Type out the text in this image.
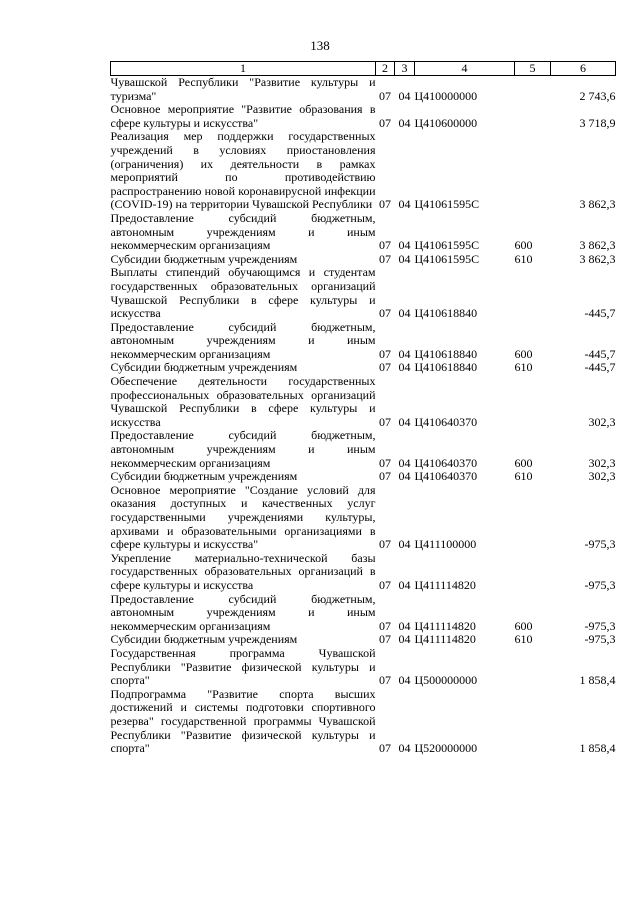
138
1	2	3	4	5	6
Чувашской Республики "Развитие культуры и туризма"	07	04	Ц410000000		2 743,6
Основное мероприятие "Развитие образования в сфере культуры и искусства"	07	04	Ц410600000		3 718,9
Реализация мер поддержки государственных учреждений в условиях приостановления (ограничения) их деятельности в рамках мероприятий по противодействию распространению новой коронавирусной инфекции (COVID-19) на территории Чувашской Республики	07	04	Ц41061595С		3 862,3
Предоставление субсидий бюджетным, автономным учреждениям и иным некоммерческим организациям	07	04	Ц41061595С	600	3 862,3
Субсидии бюджетным учреждениям	07	04	Ц41061595С	610	3 862,3
Выплаты стипендий обучающимся и студентам государственных образовательных организаций Чувашской Республики в сфере культуры и искусства	07	04	Ц410618840		-445,7
Предоставление субсидий бюджетным, автономным учреждениям и иным некоммерческим организациям	07	04	Ц410618840	600	-445,7
Субсидии бюджетным учреждениям	07	04	Ц410618840	610	-445,7
Обеспечение деятельности государственных профессиональных образовательных организаций Чувашской Республики в сфере культуры и искусства	07	04	Ц410640370		302,3
Предоставление субсидий бюджетным, автономным учреждениям и иным некоммерческим организациям	07	04	Ц410640370	600	302,3
Субсидии бюджетным учреждениям	07	04	Ц410640370	610	302,3
Основное мероприятие "Создание условий для оказания доступных и качественных услуг государственными учреждениями культуры, архивами и образовательными организациями в сфере культуры и искусства"	07	04	Ц411100000		-975,3
Укрепление материально-технической базы государственных образовательных организаций в сфере культуры и искусства	07	04	Ц411114820		-975,3
Предоставление субсидий бюджетным, автономным учреждениям и иным некоммерческим организациям	07	04	Ц411114820	600	-975,3
Субсидии бюджетным учреждениям	07	04	Ц411114820	610	-975,3
Государственная программа Чувашской Республики "Развитие физической культуры и спорта"	07	04	Ц500000000		1 858,4
Подпрограмма "Развитие спорта высших достижений и системы подготовки спортивного резерва" государственной программы Чувашской Республики "Развитие физической культуры и спорта"	07	04	Ц520000000		1 858,4
